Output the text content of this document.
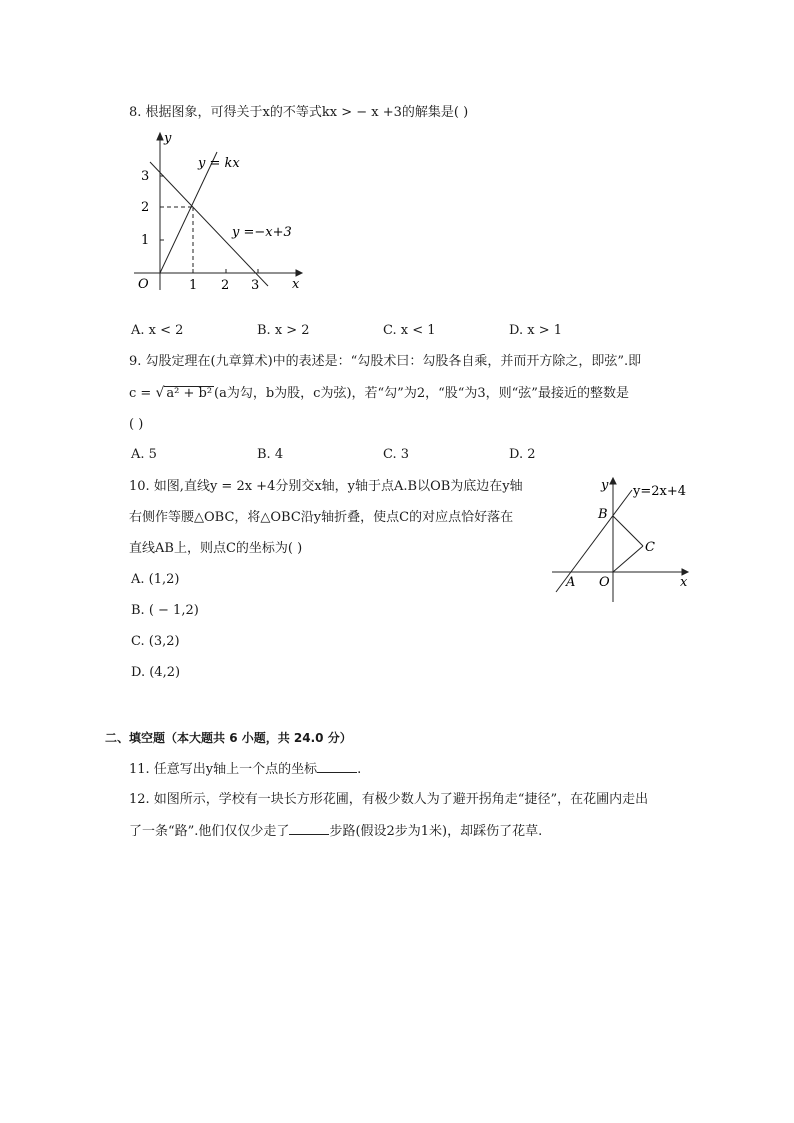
8. 根据图象，可得关于x的不等式kx > − x +3的解集是( )
y
x
O
3
2
1
1 2 3
y = kx
y =−x+3
A. x < 2	B. x > 2	C. x < 1	D. x > 1
9. 勾股定理在(九章算术)中的表述是：“勾股术曰：勾股各自乘，并而开方除之，即弦”.即
c = √ a² + b² (a为勾，b为股，c为弦)，若“勾”为2，“股“为3，则“弦”最接近的整数是
( )
A. 5	B. 4	C. 3	D. 2
10. 如图,直线y = 2x +4分别交x轴，y轴于点A.B以OB为底边在y轴
右侧作等腰△OBC，将△OBC沿y轴折叠，使点C的对应点恰好落在
直线AB上，则点C的坐标为( )
A. (1,2)
B. ( − 1,2)
C. (3,2)
D. (4,2)
y
x
y=2x+4
A O
B
C
二、填空题（本大题共 6 小题，共 24.0 分）
11. 任意写出y轴上一个点的坐标	.
12. 如图所示，学校有一块长方形花圃，有极少数人为了避开拐角走“捷径”，在花圃内走出
了一条“路”.他们仅仅少走了	步路(假设2步为1米)，却踩伤了花草.
